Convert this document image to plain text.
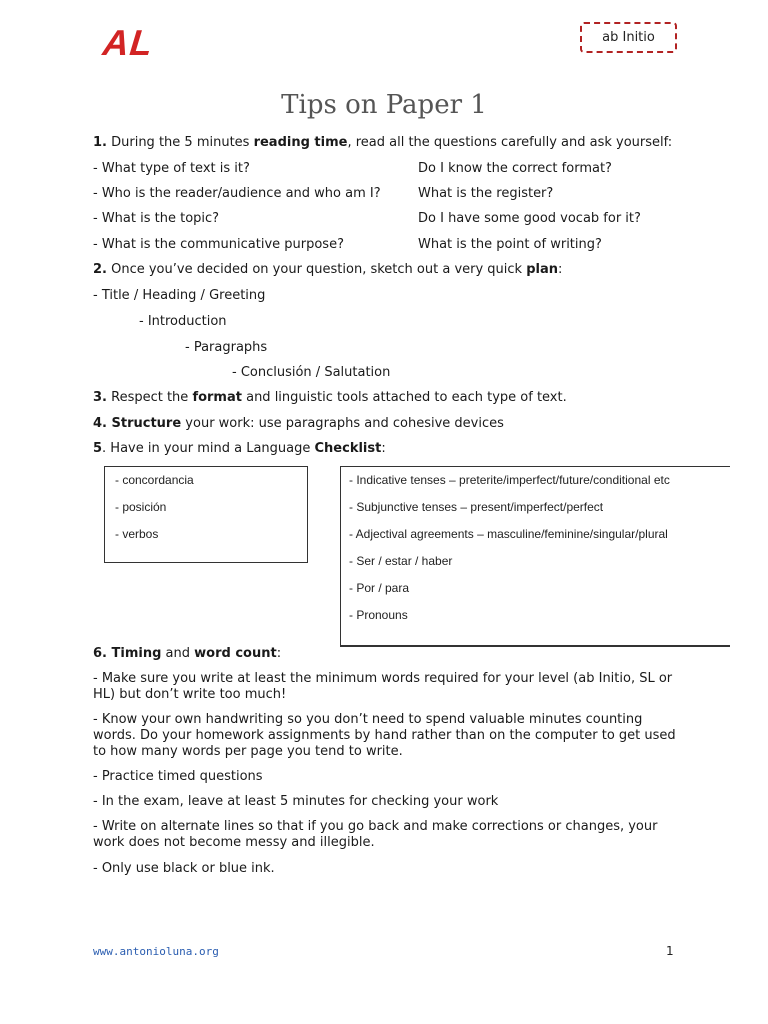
AL	ab Initio
Tips on Paper 1
1. During the 5 minutes reading time, read all the questions carefully and ask yourself:
- What type of text is it?	Do I know the correct format?
- Who is the reader/audience and who am I?	What is the register?
- What is the topic?	Do I have some good vocab for it?
- What is the communicative purpose?	What is the point of writing?
2. Once you’ve decided on your question, sketch out a very quick plan:
- Title / Heading / Greeting
- Introduction
- Paragraphs
- Conclusión / Salutation
3. Respect the format and linguistic tools attached to each type of text.
4. Structure your work: use paragraphs and cohesive devices
5. Have in your mind a Language Checklist:
- concordancia
- posición
- verbos
- Indicative tenses – preterite/imperfect/future/conditional etc
- Subjunctive tenses – present/imperfect/perfect
- Adjectival agreements – masculine/feminine/singular/plural
- Ser / estar / haber
- Por / para
- Pronouns
6. Timing and word count:
- Make sure you write at least the minimum words required for your level (ab Initio, SL or HL) but don’t write too much!
- Know your own handwriting so you don’t need to spend valuable minutes counting words. Do your homework assignments by hand rather than on the computer to get used to how many words per page you tend to write.
- Practice timed questions
- In the exam, leave at least 5 minutes for checking your work
- Write on alternate lines so that if you go back and make corrections or changes, your work does not become messy and illegible.
- Only use black or blue ink.
www.antonioluna.org	1
